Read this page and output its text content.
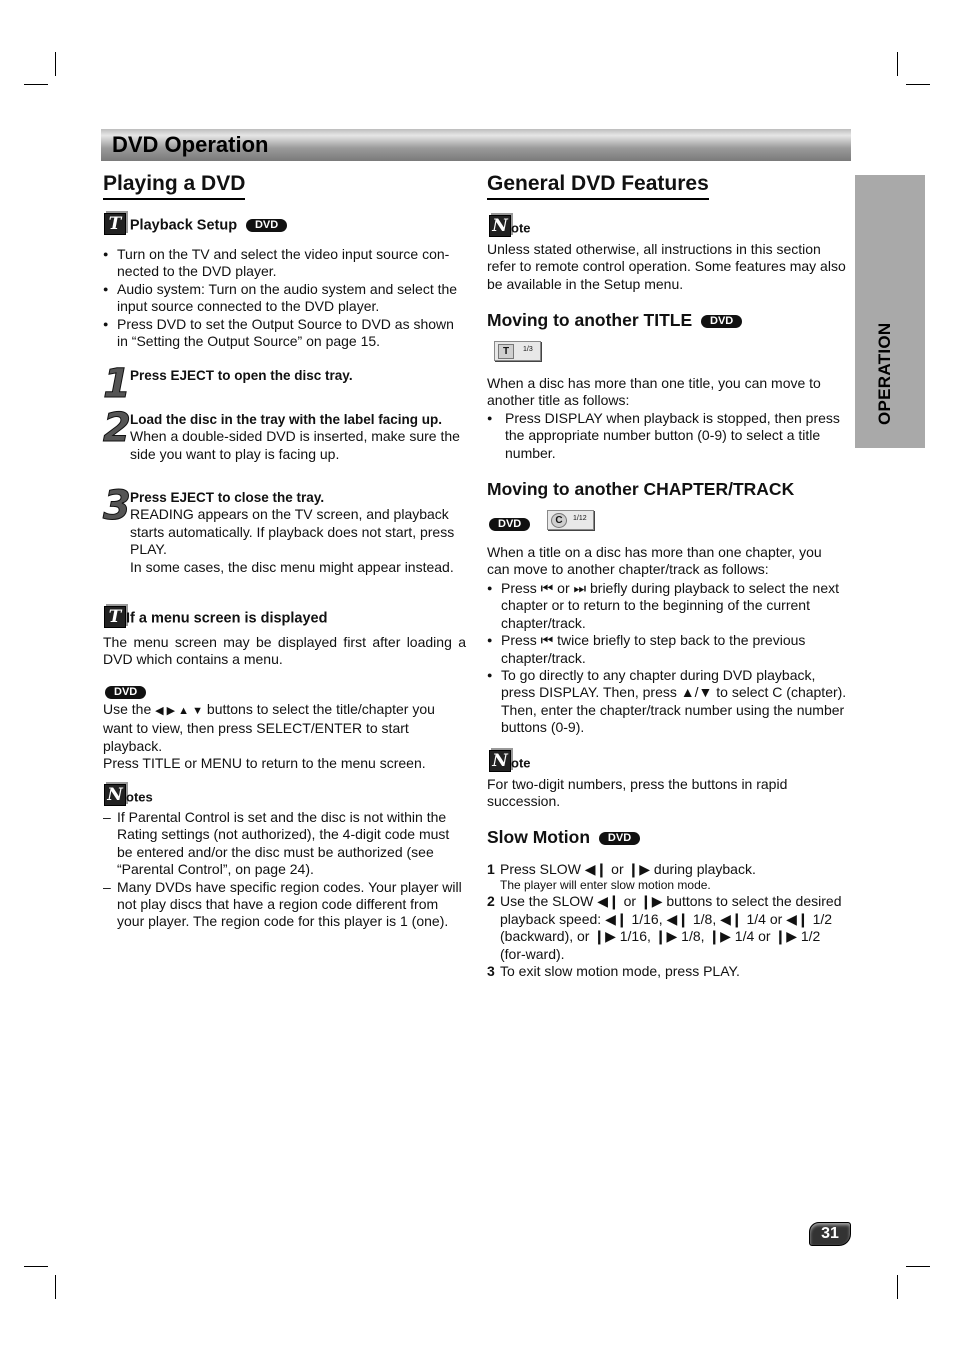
DVD Operation
OPERATION
Playing a DVD
T Playback Setup DVD
● Turn on the TV and select the video input source con-nected to the DVD player.
● Audio system: Turn on the audio system and select the input source connected to the DVD player.
● Press DVD to set the Output Source to DVD as shown in “Setting the Output Source” on page 15.
1 Press EJECT to open the disc tray.
2 Load the disc in the tray with the label facing up.
When a double-sided DVD is inserted, make sure the side you want to play is facing up.
3 Press EJECT to close the tray.
READING appears on the TV screen, and playback starts automatically. If playback does not start, press PLAY.
In some cases, the disc menu might appear instead.
T If a menu screen is displayed
The menu screen may be displayed first after loading a DVD which contains a menu.
DVD
Use the ◀ ▶ ▲ ▼ buttons to select the title/chapter you want to view, then press SELECT/ENTER to start playback.
Press TITLE or MENU to return to the menu screen.
N otes
– If Parental Control is set and the disc is not within the Rating settings (not authorized), the 4-digit code must be entered and/or the disc must be authorized (see “Parental Control”, on page 24).
– Many DVDs have specific region codes. Your player will not play discs that have a region code different from your player. The region code for this player is 1 (one).
General DVD Features
N ote
Unless stated otherwise, all instructions in this section refer to remote control operation. Some features may also be available in the Setup menu.
Moving to another TITLE DVD
T	1/3
When a disc has more than one title, you can move to another title as follows:
● Press DISPLAY when playback is stopped, then press the appropriate number button (0-9) to select a title number.
Moving to another CHAPTER/TRACK
DVD	C	1/12
When a title on a disc has more than one chapter, you can move to another chapter/track as follows:
● Press ⏮ or ⏭ briefly during playback to select the next chapter or to return to the beginning of the current chapter/track.
● Press ⏮ twice briefly to step back to the previous chapter/track.
● To go directly to any chapter during DVD playback, press DISPLAY. Then, press ▲/▼ to select C (chapter). Then, enter the chapter/track number using the number buttons (0-9).
N ote
For two-digit numbers, press the buttons in rapid succession.
Slow Motion DVD
1 Press SLOW ◀❙ or ❙▶ during playback.
The player will enter slow motion mode.
2 Use the SLOW ◀❙ or ❙▶ buttons to select the desired playback speed: ◀❙ 1/16, ◀❙ 1/8, ◀❙ 1/4 or ◀❙ 1/2 (backward), or ❙▶ 1/16, ❙▶ 1/8, ❙▶ 1/4 or ❙▶ 1/2 (for-ward).
3 To exit slow motion mode, press PLAY.
31
